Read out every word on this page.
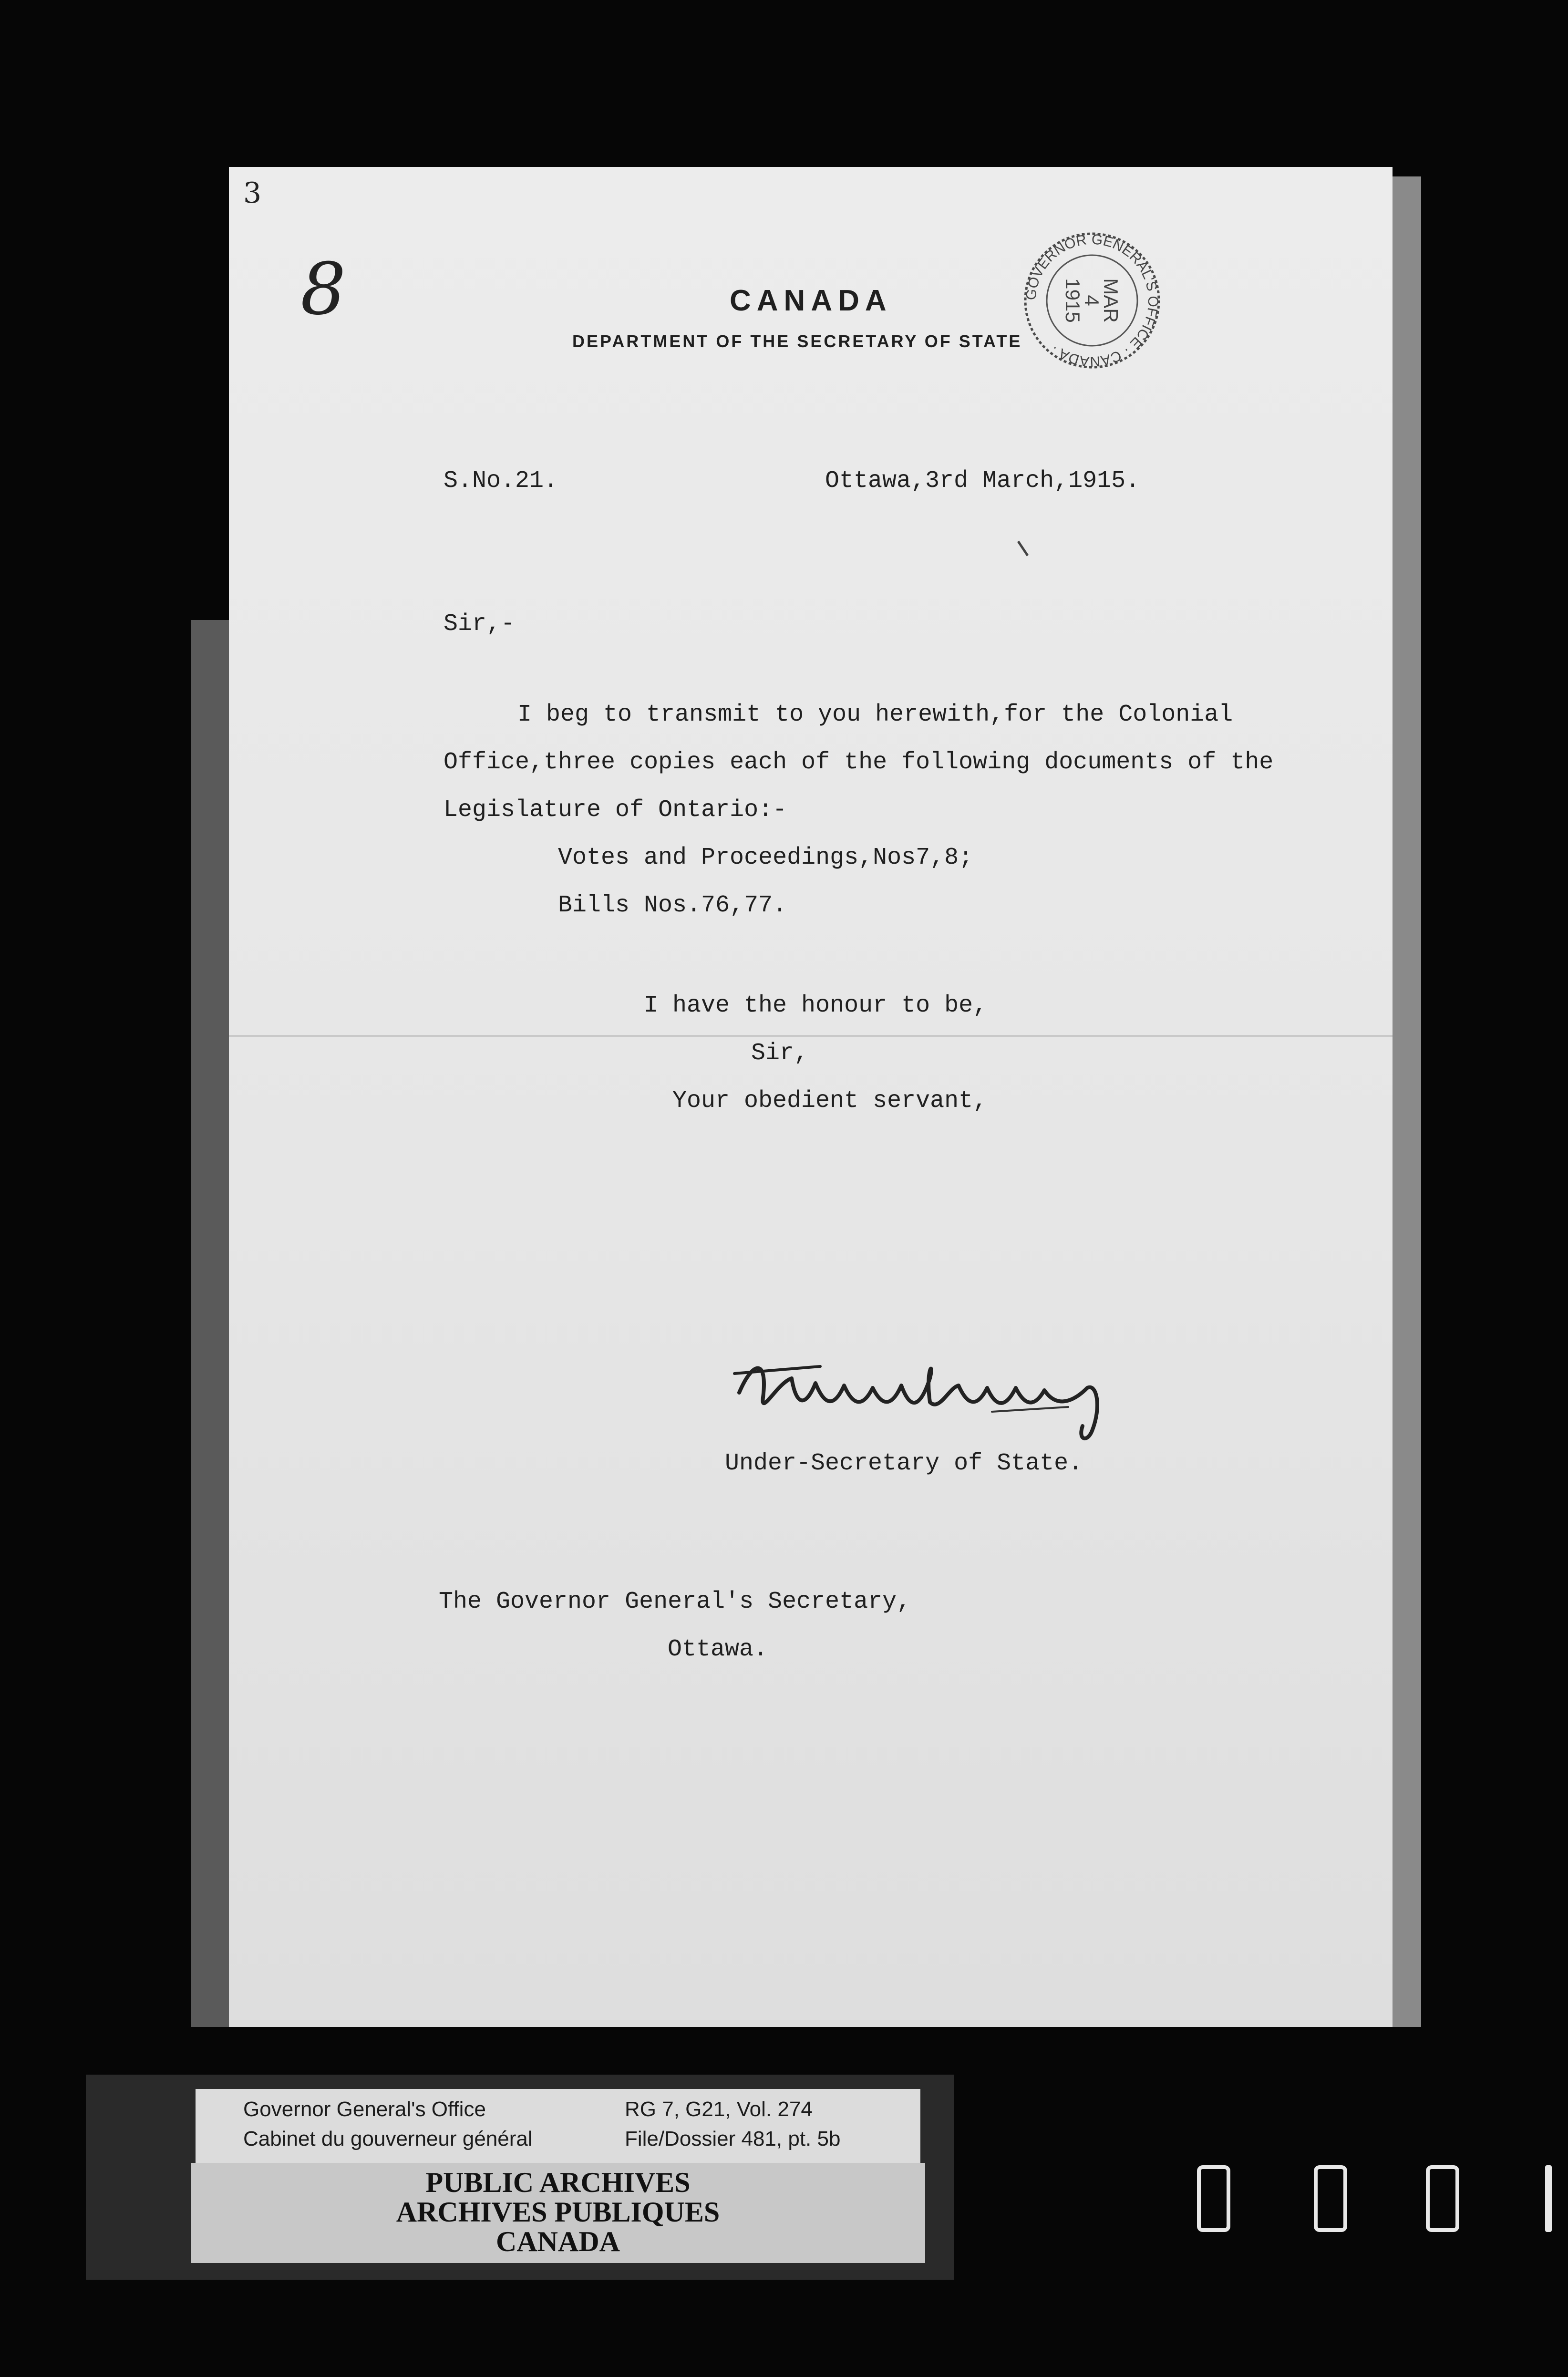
3
8	CANADA

DEPARTMENT OF THE SECRETARY OF STATE

GOVERNOR GENERAL'S OFFICE · CANADA ·
MAR
4
1915

S.No.21.	Ottawa,3rd March,1915.

Sir,-

I beg to transmit to you herewith,for the Colonial

Office,three copies each of the following documents of the

Legislature of Ontario:-

Votes and Proceedings,Nos7,8;

Bills Nos.76,77.

I have the honour to be,

Sir,

Your obedient servant,

Under-Secretary of State.

The Governor General's Secretary,

Ottawa.

Governor General's Office

Cabinet du gouverneur général

RG 7, G21, Vol. 274

File/Dossier 481, pt. 5b

PUBLIC ARCHIVES

ARCHIVES PUBLIQUES

CANADA
